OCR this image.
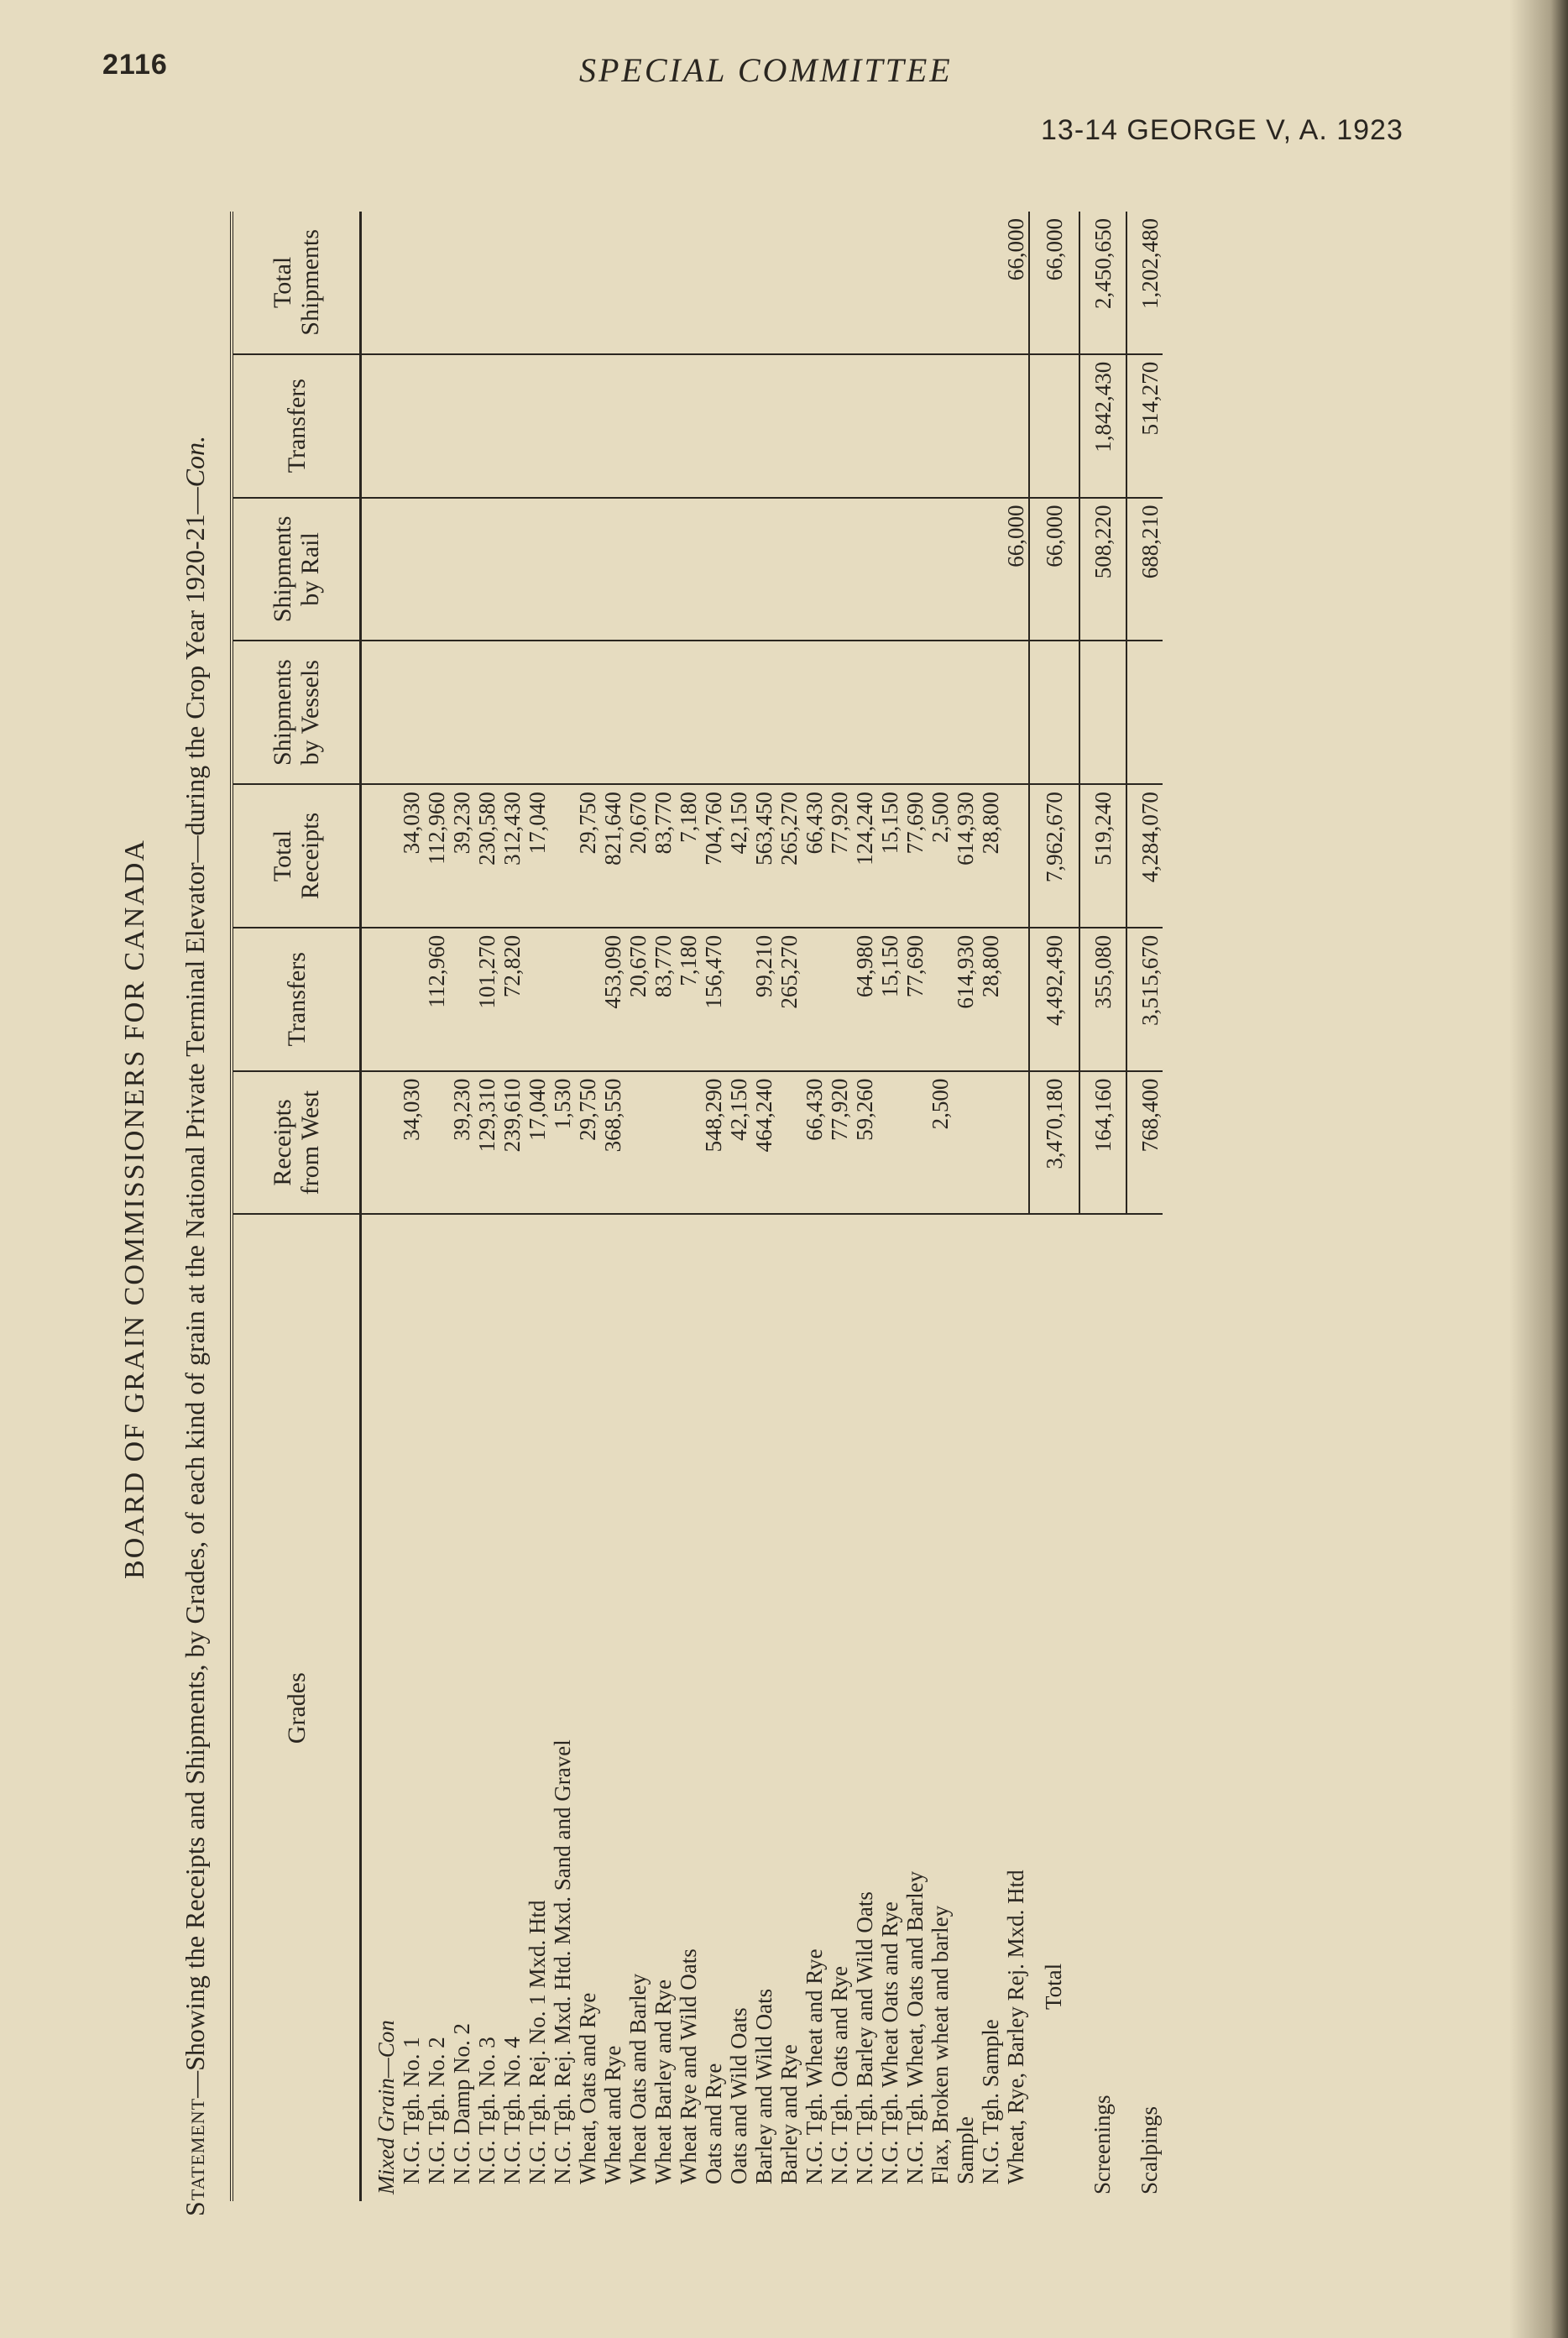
2116	SPECIAL COMMITTEE
13-14 GEORGE V, A. 1923
BOARD OF GRAIN COMMISSIONERS FOR CANADA
Statement—Showing the Receipts and Shipments, by Grades, of each kind of grain at the National Private Terminal Elevator—during the Crop Year 1920-21—Con.
Grades	Receipts from West	Transfers	Total Receipts	Shipments by Vessels	Shipments by Rail	Transfers	Total Shipments
Mixed Grain—Con							
N.G. Tgh. No. 1	34,030		34,030				
N.G. Tgh. No. 2		112,960	112,960				
N.G. Damp No. 2	39,230		39,230				
N.G. Tgh. No. 3	129,310	101,270	230,580				
N.G. Tgh. No. 4	239,610	72,820	312,430				
N.G. Tgh. Rej. No. 1 Mxd. Htd	17,040		17,040				
N.G. Tgh. Rej. Mxd. Htd. Mxd. Sand and Gravel	1,530						
Wheat, Oats and Rye	29,750		29,750				
Wheat and Rye	368,550	453,090	821,640				
Wheat Oats and Barley		20,670	20,670				
Wheat Barley and Rye		83,770	83,770				
Wheat Rye and Wild Oats		7,180	7,180				
Oats and Rye	548,290	156,470	704,760				
Oats and Wild Oats	42,150		42,150				
Barley and Wild Oats	464,240	99,210	563,450				
Barley and Rye		265,270	265,270				
N.G. Tgh. Wheat and Rye	66,430		66,430				
N.G. Tgh. Oats and Rye	77,920		77,920				
N.G. Tgh. Barley and Wild Oats	59,260	64,980	124,240				
N.G. Tgh. Wheat Oats and Rye		15,150	15,150				
N.G. Tgh. Wheat, Oats and Barley		77,690	77,690				
Flax, Broken wheat and barley	2,500		2,500				
Sample		614,930	614,930				
N.G. Tgh. Sample		28,800	28,800				
Wheat, Rye, Barley Rej. Mxd. Htd					66,000		66,000
Total	3,470,180	4,492,490	7,962,670		66,000		66,000
Screenings	164,160	355,080	519,240		508,220	1,842,430	2,450,650
Scalpings	768,400	3,515,670	4,284,070		688,210	514,270	1,202,480
